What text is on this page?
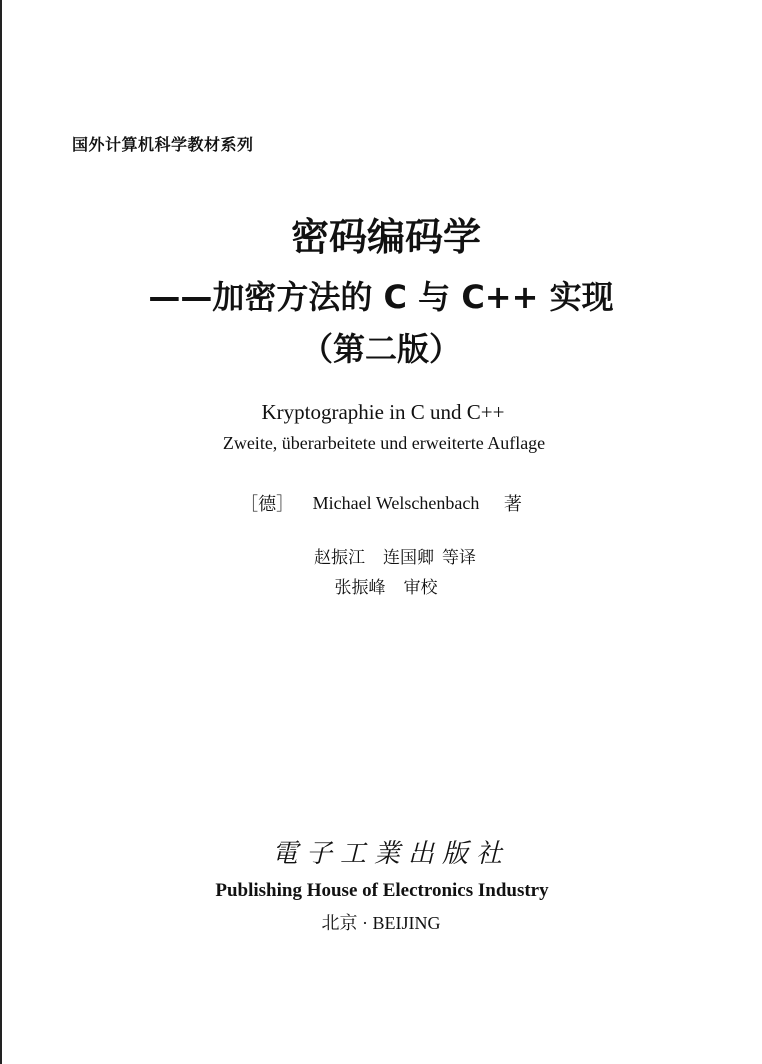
国外计算机科学教材系列
密码编码学
——加密方法的 C 与 C++ 实现
（第二版）
Kryptographie in C und C++
Zweite, überarbeitete und erweiterte Auflage
［德］ Michael Welschenbach 著
赵振江 连国卿 等译
张振峰 审校
電子工業出版社
Publishing House of Electronics Industry
北京 · BEIJING
